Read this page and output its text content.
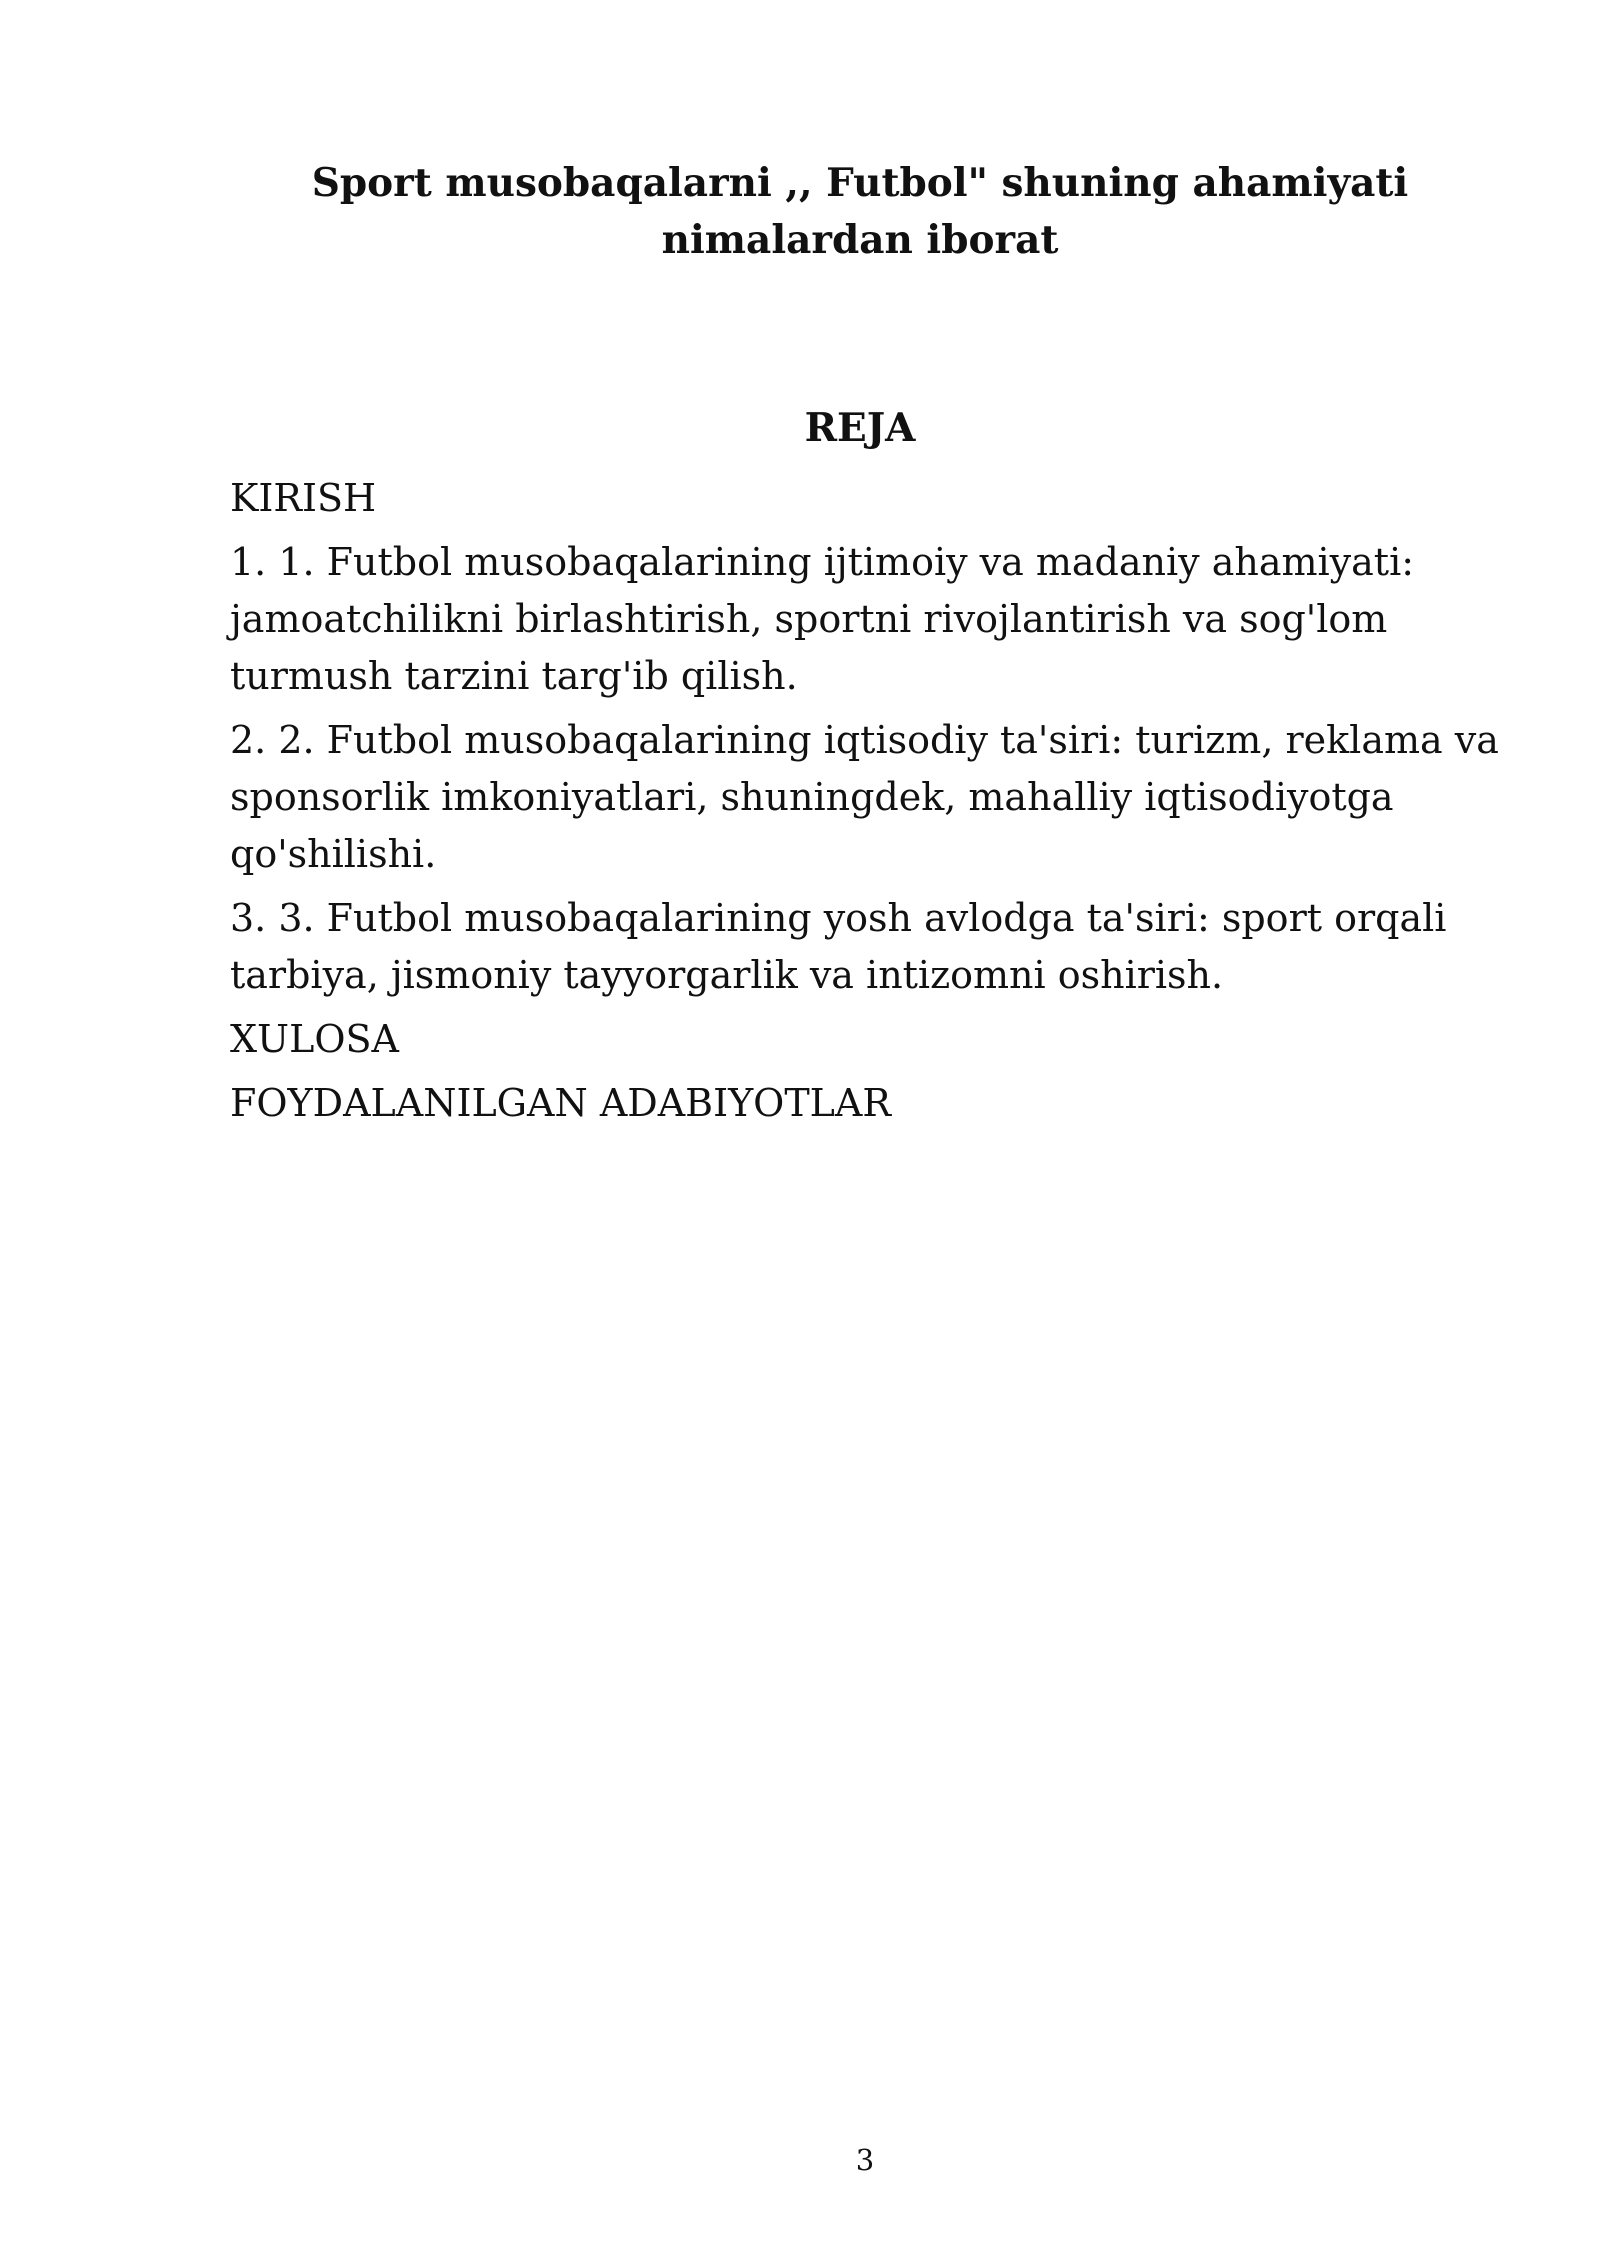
Sport musobaqalarni ,, Futbol" shuning ahamiyati
nimalardan iborat
REJA
KIRISH
1. 1. Futbol musobaqalarining ijtimoiy va madaniy ahamiyati: jamoatchilikni birlashtirish, sportni rivojlantirish va sog'lom turmush tarzini targ'ib qilish.
2. 2. Futbol musobaqalarining iqtisodiy ta'siri: turizm, reklama va sponsorlik imkoniyatlari, shuningdek, mahalliy iqtisodiyotga qo'shilishi.
3. 3. Futbol musobaqalarining yosh avlodga ta'siri: sport orqali tarbiya, jismoniy tayyorgarlik va intizomni oshirish.
XULOSA
FOYDALANILGAN ADABIYOTLAR
3
